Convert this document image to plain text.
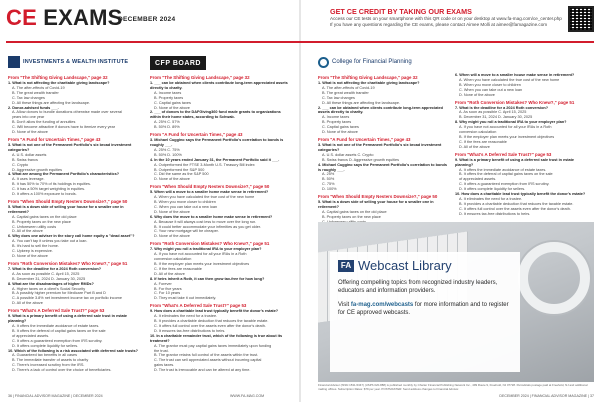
CE EXAMS
DECEMBER 2024
GET CE CREDIT BY TAKING OUR EXAMS
Access our CE tests on your smartphone with this QR code or on your desktop at www.fa-mag.com/ce_center.php
If you have any questions regarding the CE exams, please contact Aimee Molli at aimee@famagazine.com
INVESTMENTS & WEALTH INSTITUTE	CFP BOARD	College for Financial Planning
From "The Shifting Giving Landscape," page 32
1. What is not affecting the charitable giving landscape?
A. The after-effects of Covid-19
B. The great wealth transfer
C. Tax law changes
D. All these things are affecting the landscape.
2. Donor-advised funds ___.
A. Allow donors to bundle donations otherwise made over several
years into one year
B. Don't allow the funding of annuities
C. Will become attractive if donors have to itemize every year
D. None of the above
From "A Fund for Uncertain Times," page 43
3. What is not one of the Permanent Portfolio's six broad investment categories?
A. U.S. dollar assets
B. Swiss francs
C. Crypto
D. Aggressive growth equities
4. What are among the Permanent Portfolio's characteristics?
A. It uses leverage.
B. It has 50% to 70% of its holdings in equities.
C. It has a 50% target weighting in equities.
D. It offers a 100% exposure to bonds.
From "When Should Empty Nesters Downsize?," page 50
5. What is a down side of selling your house for a smaller one in retirement?
A. Capital gains taxes on the old place
B. Property taxes on the new place
C. Unforeseen utility costs
D. All of the above
6. Why does one adviser in the story call home equity a "dead asset"?
A. You can't tap it unless you take out a loan.
B. It's hard to sell the home.
C. Upkeep is expensive.
D. None of the above
From "Roth Conversion Mistakes? Who Knew?," page 51
7. What is the deadline for a 2024 Roth conversion?
A. As soon as possible C. April 15, 2025
B. December 31, 2024 D. January 30, 2025
8. What are the disadvantages of higher RMDs?
A. Higher taxes on a client's Social Security
B. A possibly higher premium for Medicare Part B and D
C. A possible 3.8% net investment income tax on portfolio income
D. All of the above
From "What's A Deferred Sale Trust?" page 53
9. What is a primary benefit of using a deferred sale trust in estate planning?
A. It offers the immediate avoidance of estate taxes.
B. It offers the deferral of capital gains taxes on the sale
of appreciated assets.
C. It offers a guaranteed exemption from IRS scrutiny.
D. It offers complete liquidity for sellers.
10. Which of the following is a risk associated with deferred sale trusts?
A. Guaranteed tax benefits in all cases
B. The immediate transfer of assets to charity
C. There's increased scrutiny from the IRS.
D. There's a lack of control over the choice of beneficiaries.
From "The Shifting Giving Landscape," page 32
1. ___ can be obtained when clients contribute long-term appreciated assets directly to charity.
A. Income taxes
B. Property taxes
C. Capital gains taxes
D. None of the above
2. ___ of donors to the DAFGiving360 fund made grants to organizations within their home states, according to Schwab.
A. 25% C. 57%
B. 50% D. 89%
From "A Fund for Uncertain Times," page 43
3. Michael Cuggino says the Permanent Portfolio's correlation to bonds is roughly ___.
A. 25% C. 75%
B. 50% D. 100%
4. In the 10 years ended January 31, the Permanent Portfolio said it ___.
A. Outperformed the FTSE 3-Month U.S. Treasury Bill index
B. Outperformed the S&P 500
C. Did the same as the S&P 500
D. None of the above
From "When Should Empty Nesters Downsize?," page 50
5. When will a move to a smaller home make sense in retirement?
A. When you have calculated the true cost of the new home
B. When you move closer to children
C. When you can take out a new loan
D. None of the above
6. Why does the move to a smaller home make sense in retirement?
A. Because it will always cost less to move over the long run.
B. It could better accommodate your infirmities as you get older.
C. Your new mortgage will be cheaper.
D. None of the above
From "Roth Conversion Mistakes? Who Knew?," page 51
7. Why might you roll a traditional IRA to your employer plan?
A. If you have not accounted for all your IRAs in a Roth
conversion calculation
B. If the employer plan meets your investment objectives
C. If the fees are reasonable
D. All of the above
8. If heirs inherit a Roth, it can then grow tax-free for how long?
A. Forever
B. For five years
C. For 10 years
D. They must take it out immediately.
From "What's A Deferred Sale Trust?" page 53
9. How does a charitable lead trust typically benefit the donor's estate?
A. It eliminates the need for a trustee.
B. It provides a charitable deduction that reduces the taxable estate.
C. It offers full control over the assets even after the donor's death.
D. It ensures tax-free distributions to heirs.
10. In a charitable remainder trust, which of the following is true about its treatment?
A. The grantor must pay capital gains taxes immediately upon funding
the trust.
B. The grantor retains full control of the assets within the trust.
C. The trust can sell appreciated assets without incurring capital
gains taxes.
D. The trust is irrevocable and can be altered at any time.
From "The Shifting Giving Landscape," page 32
1. What is not affecting the charitable giving landscape?
A. The after-effects of Covid-19
B. The great wealth transfer
C. Tax law changes
D. All these things are affecting the landscape.
2. ___ can be obtained when clients contribute long-term appreciated assets directly to charity.
A. Income taxes
B. Property taxes
C. Capital gains taxes
D. None of the above
From "A Fund for Uncertain Times," page 43
3. What is not one of the Permanent Portfolio's six broad investment categories?
A. U.S. dollar assets C. Crypto
B. Swiss francs D. Aggressive growth equities
4. Michael Cuggino says the Permanent Portfolio's correlation to bonds is roughly ___.
A. 25%
B. 50%
C. 75%
D. 100%
From "When Should Empty Nesters Downsize?," page 50
5. What is a down side of selling your house for a smaller one in retirement?
A. Capital gains taxes on the old place
B. Property taxes on the new place
6. When will a move to a smaller house make sense in retirement?
A. When you have calculated the true cost of the new home
B. When you move closer to children
C. When you can take out a new loan
D. None of the above
From "Roth Conversion Mistakes? Who Knew?," page 51
7. What is the deadline for a 2024 Roth conversion?
A. As soon as possible C. April 15, 2025
B. December 31, 2024 D. January 30, 2025
8. Why might you roll a traditional IRA to your employer plan?
A. If you have not accounted for all your IRAs in a Roth
conversion calculation
B. If the employer plan meets your investment objectives
C. If the fees are reasonable
D. All of the above
From "What's A Deferred Sale Trust?" page 53
9. What is a primary benefit of using a deferred sale trust in estate planning?
A. It offers the immediate avoidance of estate taxes.
B. It offers the deferral of capital gains taxes on the sale
of appreciated assets.
C. It offers a guaranteed exemption from IRS scrutiny.
D. It offers complete liquidity for sellers.
10. How does a charitable lead trust typically benefit the donor's estate?
A. It eliminates the need for a trustee.
B. It provides a charitable deduction that reduces the taxable estate.
C. It offers full control over the assets even after the donor's death.
D. It ensures tax-free distributions to heirs.
FA Webcast Library
Offering compelling topics from recognized industry leaders, educators and information providers.
Visit fa-mag.com/webcasts for more information and to register for CE approved webcasts.
Financial Advisor (ISSN 1531-5347) (USPS 020-888) is published monthly by Charter Financial Publishing Network Inc., 499 Route 9, Freehold, NJ 07728. Periodicals postage paid at Freehold, NJ and additional mailing offices. Subscription Rates: $79 per year. POSTMASTER: Send address changes to Financial Advisor.
36 | FINANCIAL ADVISOR MAGAZINE | DECEMBER 2024	WWW.FA-MAG.COM	DECEMBER 2024 | FINANCIAL ADVISOR MAGAZINE | 37
